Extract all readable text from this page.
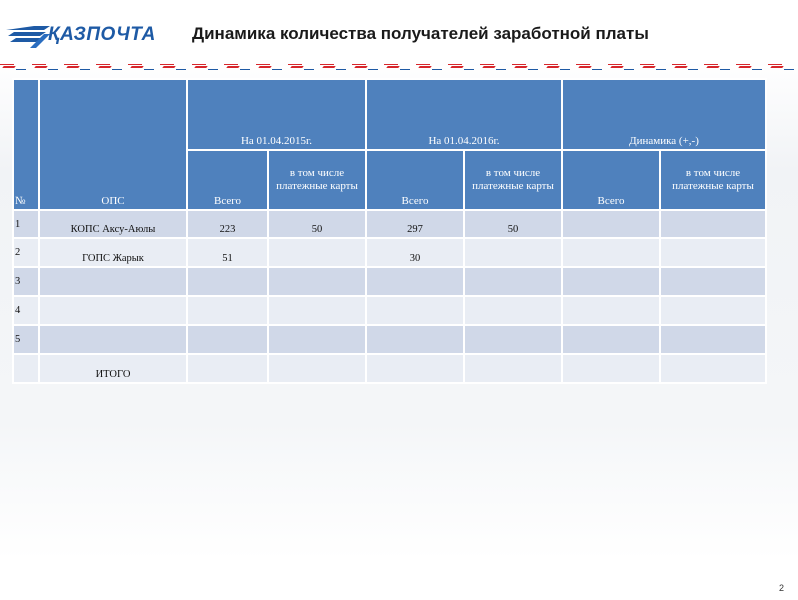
ҚАЗПОЧТА Динамика количества получателей заработной платы
№	ОПС	На 01.04.2015г.		На 01.04.2016г.		Динамика (+,-)	
		Всего	в том числе платежные карты	Всего	в том числе платежные карты	Всего	в том числе платежные карты
1	КОПС Аксу-Аюлы	223	50	297	50		
2	ГОПС Жарык	51		30			
3							
4							
5							
	ИТОГО						
2
